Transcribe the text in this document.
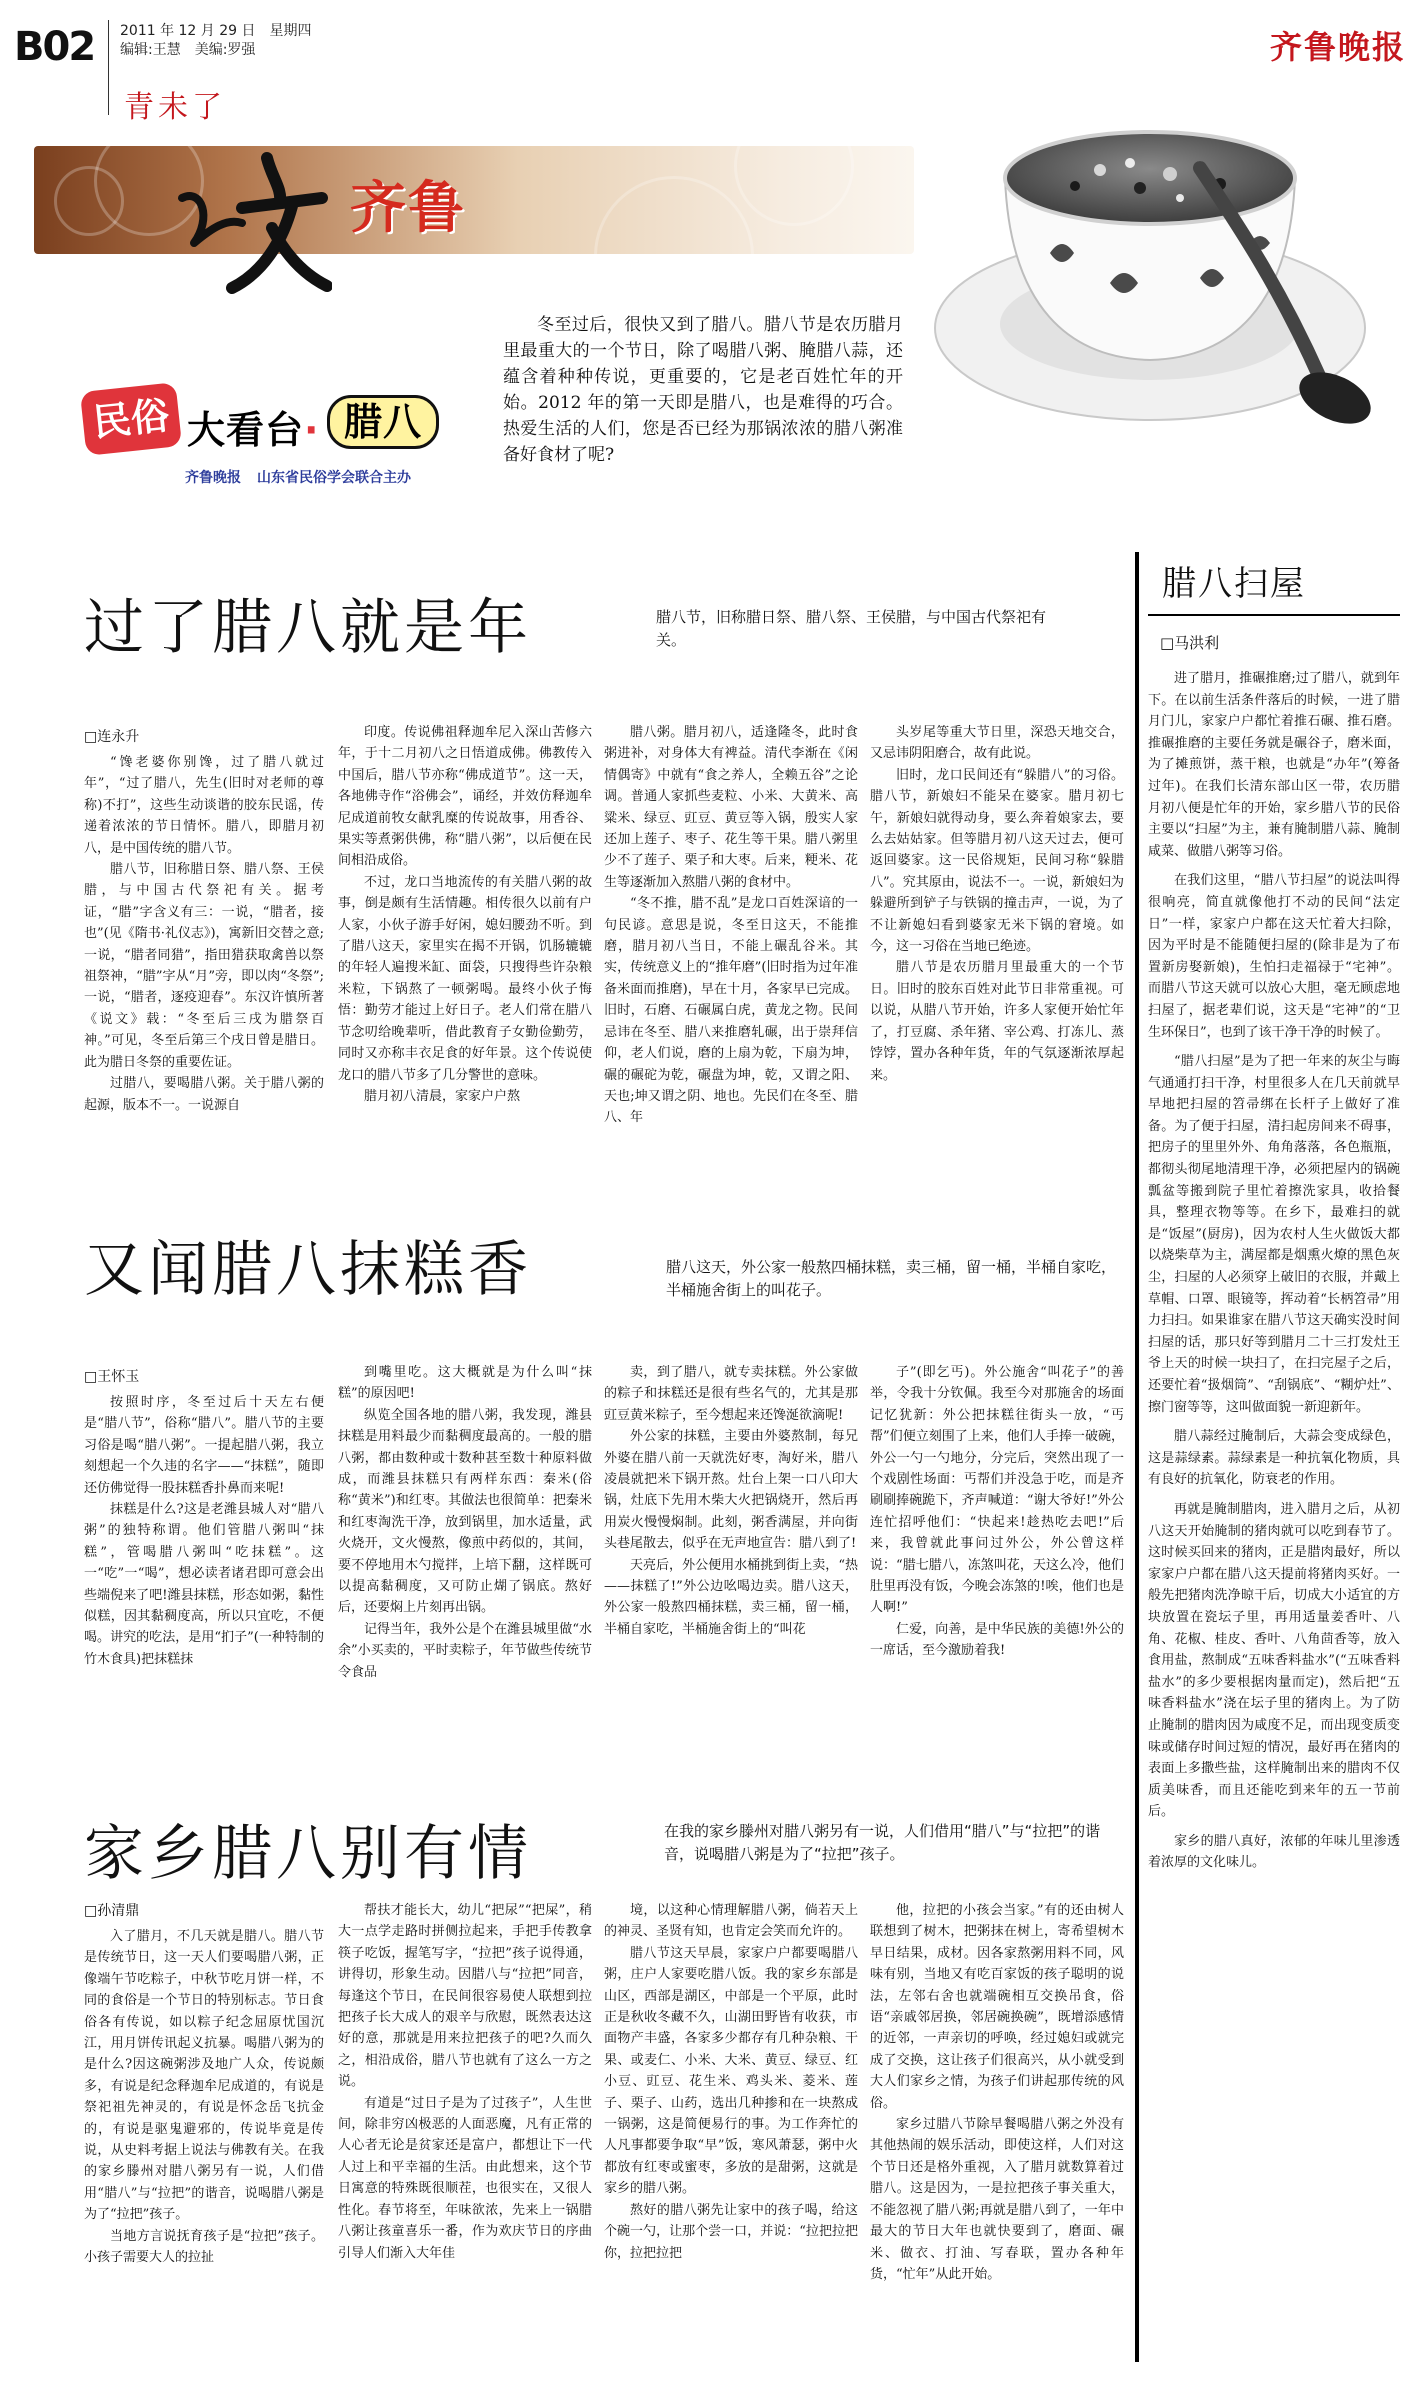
B02 2011 年 12 月 29 日 星期四
编辑:王慧 美编:罗强
青未了
齐鲁晚报
齐鲁
冬至过后，很快又到了腊八。腊八节是农历腊月里最重大的一个节日，除了喝腊八粥、腌腊八蒜，还蕴含着种种传说，更重要的，它是老百姓忙年的开始。2012 年的第一天即是腊八，也是难得的巧合。热爱生活的人们，您是否已经为那锅浓浓的腊八粥准备好食材了呢?
民俗 大看台· 腊八
齐鲁晚报 山东省民俗学会联合主办
腊八扫屋
□马洪利

进了腊月，推碾推磨;过了腊八，就到年下。在以前生活条件落后的时候，一进了腊月门儿，家家户户都忙着推石碾、推石磨。推碾推磨的主要任务就是碾谷子，磨米面，为了摊煎饼，蒸干粮，也就是“办年”(筹备过年)。在我们长清东部山区一带，农历腊月初八便是忙年的开始，家乡腊八节的民俗主要以“扫屋”为主，兼有腌制腊八蒜、腌制咸菜、做腊八粥等习俗。

在我们这里，“腊八节扫屋”的说法叫得很响亮，简直就像他打不动的民间“法定日”一样，家家户户都在这天忙着大扫除，因为平时是不能随便扫屋的(除非是为了布置新房娶新娘)，生怕扫走福禄于“宅神”。而腊八节这天就可以放心大胆，毫无顾虑地扫屋了，据老辈们说，这天是“宅神”的“卫生环保日”，也到了该干净干净的时候了。

“腊八扫屋”是为了把一年来的灰尘与晦气通通打扫干净，村里很多人在几天前就早早地把扫屋的笤帚绑在长杆子上做好了准备。为了便于扫屋，清扫起房间来不碍事，把房子的里里外外、角角落落，各色瓶瓶，都彻头彻尾地清理干净，必须把屋内的锅碗瓢盆等搬到院子里忙着擦洗家具，收拾餐具，整理衣物等等。在乡下，最难扫的就是“饭屋”(厨房)，因为农村人生火做饭大都以烧柴草为主，满屋都是烟熏火燎的黑色灰尘，扫屋的人必须穿上破旧的衣服，并戴上草帽、口罩、眼镜等，挥动着“长柄笤帚”用力扫扫。如果谁家在腊八节这天确实没时间扫屋的话，那只好等到腊月二十三打发灶王爷上天的时候一块扫了，在扫完屋子之后，还要忙着“扱烟筒”、“刮锅底”、“糊炉灶”、擦门窗等等，这叫做面貌一新迎新年。

腊八蒜经过腌制后，大蒜会变成绿色，这是蒜绿素。蒜绿素是一种抗氧化物质，具有良好的抗氧化，防衰老的作用。

再就是腌制腊肉，进入腊月之后，从初八这天开始腌制的猪肉就可以吃到春节了。这时候买回来的猪肉，正是腊肉最好，所以家家户户都在腊八这天提前将猪肉买好。一般先把猪肉洗净晾干后，切成大小适宜的方块放置在瓷坛子里，再用适量姜香叶、八角、花椒、桂皮、香叶、八角茴香等，放入食用盐，熬制成“五味香料盐水”(“五味香料盐水”的多少要根据肉量而定)，然后把“五味香料盐水”浇在坛子里的猪肉上。为了防止腌制的腊肉因为咸度不足，而出现变质变味或储存时间过短的情况，最好再在猪肉的表面上多撒些盐，这样腌制出来的腊肉不仅质美味香，而且还能吃到来年的五一节前后。

家乡的腊八真好，浓郁的年味儿里渗透着浓厚的文化味儿。

过了腊八就是年	腊八节，旧称腊日祭、腊八祭、王侯腊，与中国古代祭祀有关。
□连永升

“馋老婆你别馋，过了腊八就过年”，“过了腊八，先生(旧时对老师的尊称)不打”，这些生动谈谐的胶东民谣，传递着浓浓的节日情怀。腊八，即腊月初八，是中国传统的腊八节。

腊八节，旧称腊日祭、腊八祭、王侯腊，与中国古代祭祀有关。据考证，“腊”字含义有三：一说，“腊者，接也”(见《隋书·礼仪志》)，寓新旧交替之意;一说，“腊者同猎”，指田猎获取禽兽以祭祖祭神，“腊”字从“月”旁，即以肉“冬祭”;一说，“腊者，逐疫迎春”。东汉许慎所著《说文》载：“冬至后三戌为腊祭百神。”可见，冬至后第三个戌日曾是腊日。此为腊日冬祭的重要佐证。

过腊八，要喝腊八粥。关于腊八粥的起源，版本不一。一说源自

印度。传说佛祖释迦牟尼入深山苦修六年，于十二月初八之日悟道成佛。佛教传入中国后，腊八节亦称“佛成道节”。这一天，各地佛寺作“浴佛会”，诵经，并效仿释迦牟尼成道前牧女献乳糜的传说故事，用香谷、果实等煮粥供佛，称“腊八粥”，以后便在民间相沿成俗。

不过，龙口当地流传的有关腊八粥的故事，倒是颇有生活情趣。相传很久以前有户人家，小伙子游手好闲，媳妇腰劲不听。到了腊八这天，家里实在揭不开锅，饥肠辘辘的年轻人遍搜米缸、面袋，只搜得些许杂粮米粒，下锅熬了一顿粥喝。最终小伙子悔悟：勤劳才能过上好日子。老人们常在腊八节念叨给晚辈听，借此教育子女勤俭勤劳，同时又亦称丰衣足食的好年景。这个传说使龙口的腊八节多了几分警世的意味。

腊月初八清晨，家家户户熬

腊八粥。腊月初八，适逢隆冬，此时食粥进补，对身体大有裨益。清代李渐在《闲情偶寄》中就有“食之养人，全赖五谷”之论调。普通人家抓些麦粒、小米、大黄米、高粱米、绿豆、豇豆、黄豆等入锅，殷实人家还加上莲子、枣子、花生等干果。腊八粥里少不了莲子、栗子和大枣。后来，粳米、花生等逐渐加入熬腊八粥的食材中。

“冬不推，腊不乱”是龙口百姓深谙的一句民谚。意思是说，冬至日这天，不能推磨，腊月初八当日，不能上碾乱谷米。其实，传统意义上的“推年磨”(旧时指为过年准备米面而推磨)，早在十月，各家早已完成。旧时，石磨、石碾属白虎，黄龙之物。民间忌讳在冬至、腊八来推磨轧碾，出于崇拜信仰，老人们说，磨的上扇为乾，下扇为坤，碾的碾砣为乾，碾盘为坤，乾，又谓之阳、天也;坤又谓之阴、地也。先民们在冬至、腊八、年

头岁尾等重大节日里，深恐天地交合，又忌讳阴阳磨合，故有此说。

旧时，龙口民间还有“躲腊八”的习俗。腊八节，新娘妇不能呆在婆家。腊月初七午，新娘妇就得动身，要么奔着娘家去，要么去姑姑家。但等腊月初八这天过去，便可返回婆家。这一民俗规矩，民间习称“躲腊八”。究其原由，说法不一。一说，新娘妇为躲避所到铲子与铁锅的撞击声，一说，为了不让新媳妇看到婆家无米下锅的窘境。如今，这一习俗在当地已绝迹。

腊八节是农历腊月里最重大的一个节日。旧时的胶东百姓对此节日非常重视。可以说，从腊八节开始，许多人家便开始忙年了，打豆腐、杀年猪、宰公鸡、打冻儿、蒸饽饽，置办各种年货，年的气氛逐渐浓厚起来。

又闻腊八抹糕香	腊八这天，外公家一般熬四桶抹糕，卖三桶，留一桶，半桶自家吃，半桶施舍街上的叫花子。
□王怀玉

按照时序，冬至过后十天左右便是“腊八节”，俗称“腊八”。腊八节的主要习俗是喝“腊八粥”。一提起腊八粥，我立刻想起一个久违的名字——“抹糕”，随即还仿佛觉得一股抹糕香扑鼻而来呢!

抹糕是什么?这是老潍县城人对“腊八粥”的独特称谓。他们管腊八粥叫“抹糕”，管喝腊八粥叫“吃抹糕”。这一“吃”一“喝”，想必读者诸君即可意会出些端倪来了吧!潍县抹糕，形态如粥，黏性似糕，因其黏稠度高，所以只宜吃，不便喝。讲究的吃法，是用“扪子”(一种特制的竹木食具)把抹糕抹

到嘴里吃。这大概就是为什么叫“抹糕”的原因吧!

纵览全国各地的腊八粥，我发现，潍县抹糕是用料最少而黏稠度最高的。一般的腊八粥，都由数种或十数种甚至数十种原料做成，而潍县抹糕只有两样东西：秦米(俗称“黄米”)和红枣。其做法也很简单：把秦米和红枣淘洗干净，放到锅里，加水适量，武火烧开，文火慢熬，像煎中药似的，其间，要不停地用木勺搅拌，上培下翻，这样既可以提高黏稠度，又可防止煳了锅底。熬好后，还要焖上片刻再出锅。

记得当年，我外公是个在潍县城里做“水余”小买卖的，平时卖粽子，年节做些传统节令食品

卖，到了腊八，就专卖抹糕。外公家做的粽子和抹糕还是很有些名气的，尤其是那豇豆黄米粽子，至今想起来还馋涎欲滴呢!

外公家的抹糕，主要由外婆熬制，每兄外婆在腊八前一天就洗好枣，淘好米，腊八凌晨就把米下锅开熬。灶台上架一口八印大锅，灶底下先用木柴大火把锅烧开，然后再用炭火慢慢焖制。此刻，粥香满屋，并向街头巷尾散去，似乎在无声地宣告：腊八到了!

天亮后，外公便用水桶挑到街上卖，“热——抹糕了!”外公边吆喝边卖。腊八这天，外公家一般熬四桶抹糕，卖三桶，留一桶，半桶自家吃，半桶施舍街上的“叫花

子”(即乞丐)。外公施舍“叫花子”的善举，令我十分钦佩。我至今对那施舍的场面记忆犹新：外公把抹糕往街头一放，“丐帮”们便立刻围了上来，他们人手捧一破碗，外公一勺一勺地分，分完后，突然出现了一个戏剧性场面：丐帮们并没急于吃，而是齐刷刷捧碗跪下，齐声喊道：“谢大爷好!”外公连忙招呼他们：“快起来!趁热吃去吧!”后来，我曾就此事问过外公，外公曾这样说：“腊七腊八，冻煞叫花，天这么冷，他们肚里再没有饭，今晚会冻煞的!唉，他们也是人啊!”

仁爱，向善，是中华民族的美德!外公的一席话，至今激励着我!

家乡腊八别有情	在我的家乡滕州对腊八粥另有一说，人们借用“腊八”与“拉把”的谐音，说喝腊八粥是为了“拉把”孩子。
□孙清鼎

入了腊月，不几天就是腊八。腊八节是传统节日，这一天人们要喝腊八粥，正像端午节吃粽子，中秋节吃月饼一样，不同的食俗是一个节日的特别标志。节日食俗各有传说，如以粽子纪念屈原忧国沉江，用月饼传讯起义抗暴。喝腊八粥为的是什么?因这碗粥涉及地广人众，传说颇多，有说是纪念释迦牟尼成道的，有说是祭祀祖先神灵的，有说是怀念岳飞抗金的，有说是驱鬼避邪的，传说毕竟是传说，从史料考据上说法与佛教有关。在我的家乡滕州对腊八粥另有一说，人们借用“腊八”与“拉把”的谐音，说喝腊八粥是为了“拉把”孩子。

当地方言说抚育孩子是“拉把”孩子。小孩子需要大人的拉扯

帮扶才能长大，幼儿“把尿”“把屎”，稍大一点学走路时拼侧拉起来，手把手传教拿筷子吃饭，握笔写字，“拉把”孩子说得通，讲得切，形象生动。因腊八与“拉把”同音，每逢这个节日，在民间很容易使人联想到拉把孩子长大成人的艰辛与欣慰，既然表达这好的意，那就是用来拉把孩子的吧?久而久之，相沿成俗，腊八节也就有了这么一方之说。

有道是“过日子是为了过孩子”，人生世间，除非穷凶极恶的人面恶魔，凡有正常的人心者无论是贫家还是富户，都想让下一代人过上和平幸福的生活。由此想来，这个节日寓意的特殊既很顺茬，也很实在，又很人性化。春节将至，年味欲浓，先来上一锅腊八粥让孩童喜乐一番，作为欢庆节日的序曲引导人们渐入大年佳

境，以这种心情理解腊八粥，倘若天上的神灵、圣贤有知，也肯定会笑而允许的。

腊八节这天早晨，家家户户都要喝腊八粥，庄户人家要吃腊八饭。我的家乡东部是山区，西部是湖区，中部是一个平原，此时正是秋收冬藏不久，山湖田野皆有收获，市面物产丰盛，各家多少都存有几种杂粮、干果、或麦仁、小米、大米、黄豆、绿豆、红小豆、豇豆、花生米、鸡头米、菱米、莲子、栗子、山药，选出几种掺和在一块熬成一锅粥，这是简便易行的事。为工作奔忙的人凡事都要争取“早”饭，寒风萧瑟，粥中火都放有红枣或蜜枣，多放的是甜粥，这就是家乡的腊八粥。

熬好的腊八粥先让家中的孩子喝，给这个碗一勺，让那个尝一口，并说：“拉把拉把你，拉把拉把

他，拉把的小孩会当家。”有的还由树人联想到了树木，把粥抹在树上，寄希望树木早日结果，成材。因各家熬粥用料不同，风味有别，当地又有吃百家饭的孩子聪明的说法，左邻右舍也就端碗相互交换吊食，俗语“亲戚邻居换，邻居碗换碗”，既增添感情的近邻，一声亲切的呼唤，经过媳妇或就完成了交换，这让孩子们很高兴，从小就受到大人们家乡之情，为孩子们讲起那传统的风俗。

家乡过腊八节除早餐喝腊八粥之外没有其他热闹的娱乐活动，即使这样，人们对这个节日还是格外重视，入了腊月就数算着过腊八。这是因为，一是拉把孩子事关重大，不能忽视了腊八粥;再就是腊八到了，一年中最大的节日大年也就快要到了，磨面、碾米、做衣、打油、写春联，置办各种年货，“忙年”从此开始。
